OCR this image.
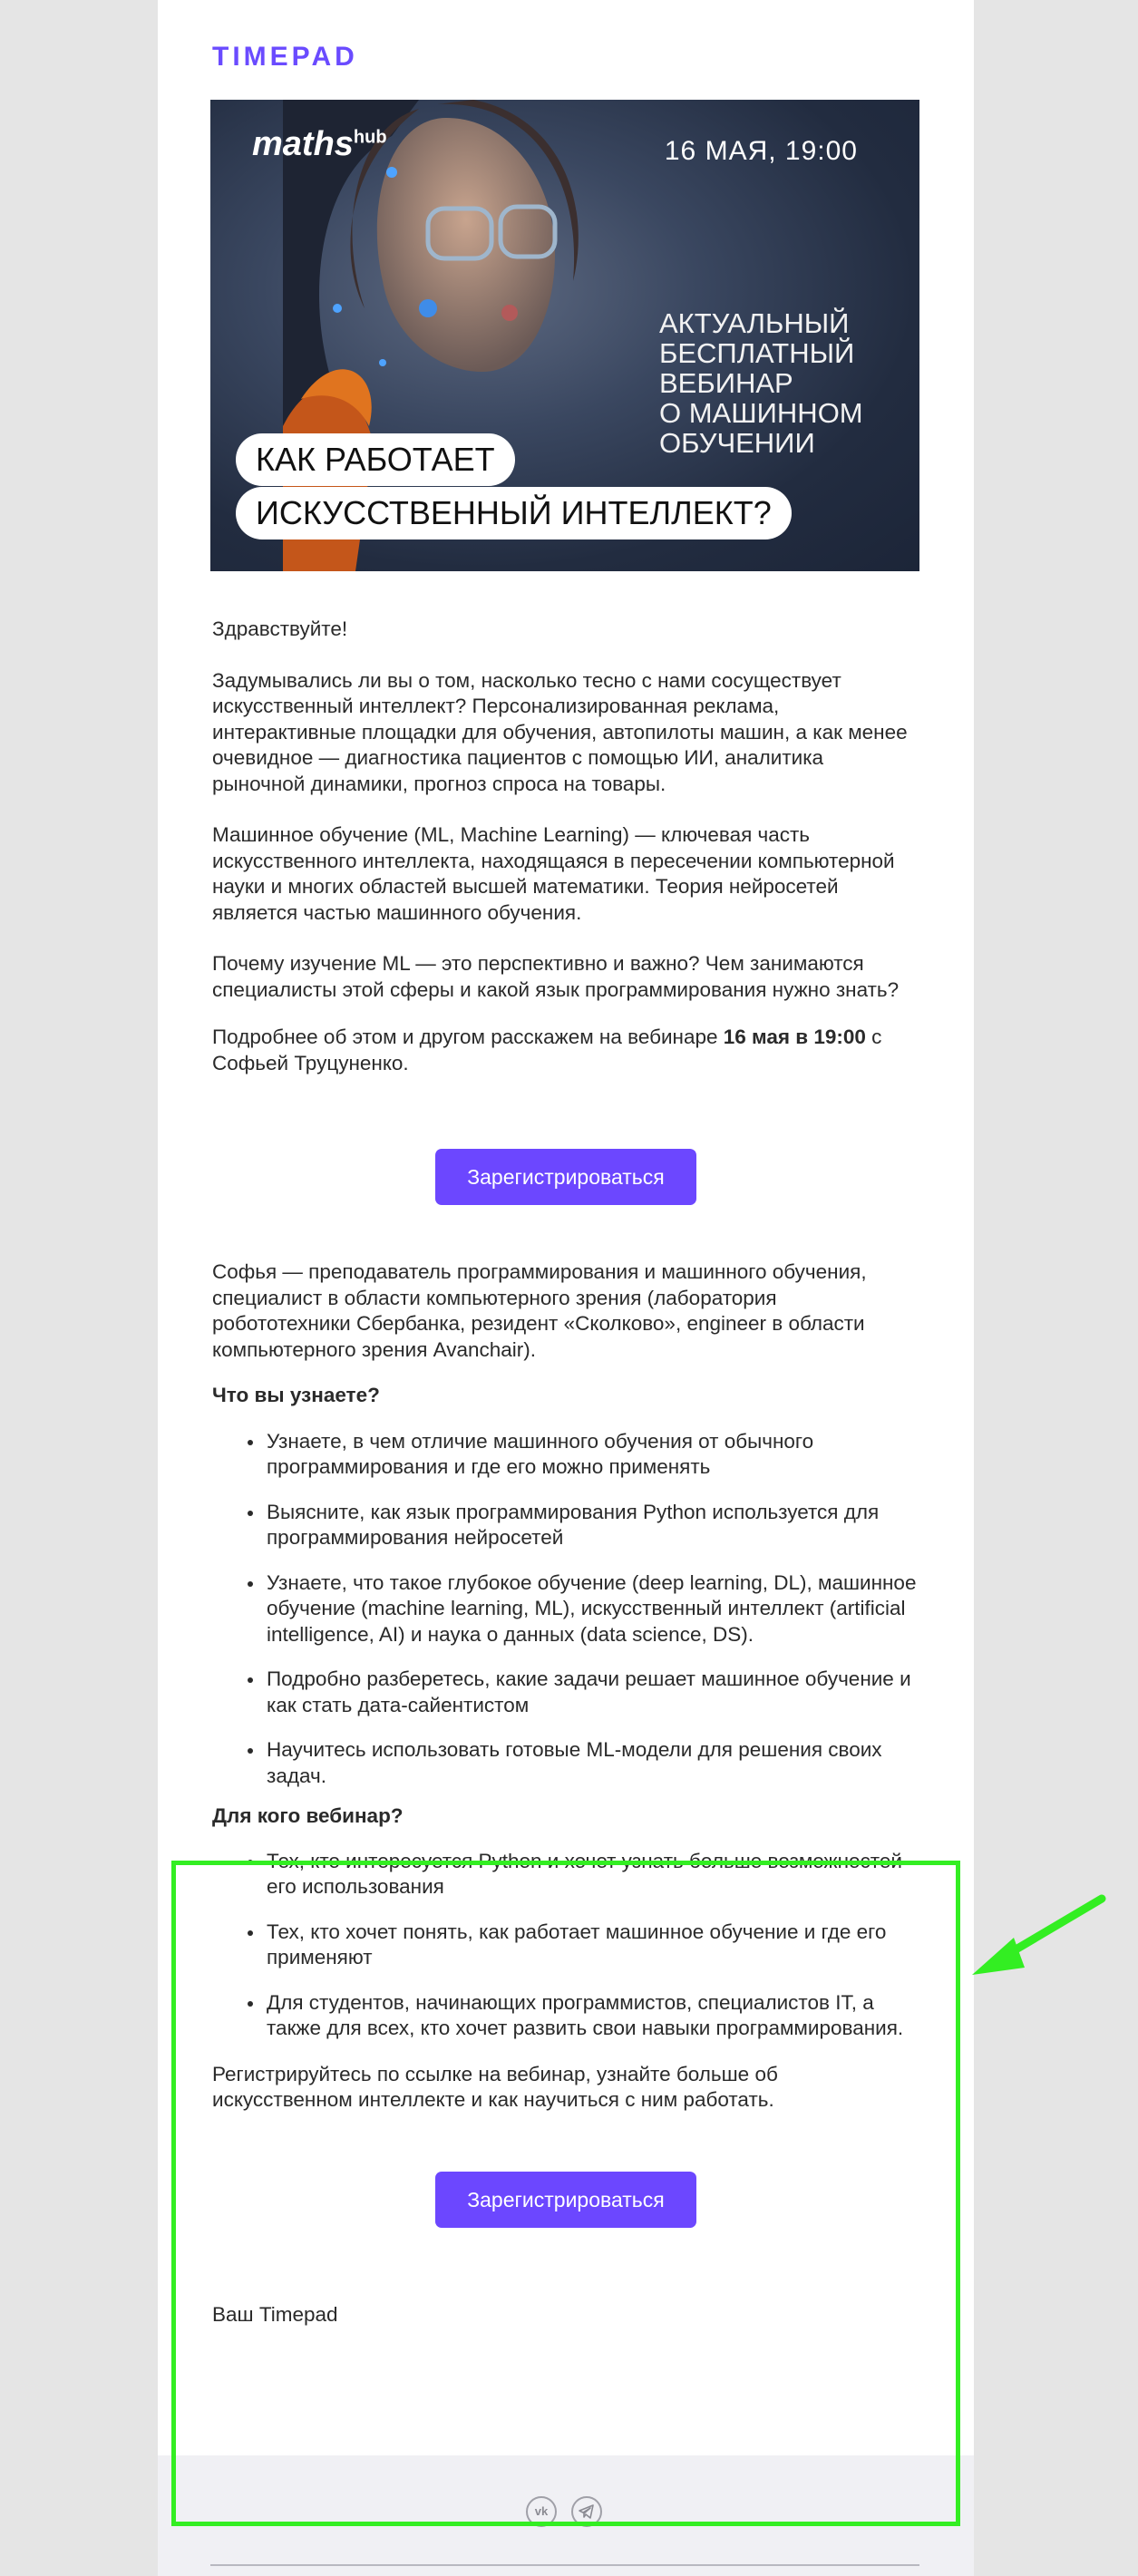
TIMEPAD
maths$^{hub}$	16 МАЯ, 19:00
АКТУАЛЬНЫЙ
БЕСПЛАТНЫЙ
ВЕБИНАР
О МАШИННОМ
ОБУЧЕНИИ
КАК РАБОТАЕТ
ИСКУССТВЕННЫЙ ИНТЕЛЛЕКТ?

Здравствуйте!

Задумывались ли вы о том, насколько тесно с нами сосуществует искусственный интеллект? Персонализированная реклама, интерактивные площадки для обучения, автопилоты машин, а как менее очевидное — диагностика пациентов с помощью ИИ, аналитика рыночной динамики, прогноз спроса на товары.

Машинное обучение (ML, Machine Learning) — ключевая часть искусственного интеллекта, находящаяся в пересечении компьютерной науки и многих областей высшей математики. Теория нейросетей является частью машинного обучения.

Почему изучение ML — это перспективно и важно? Чем занимаются специалисты этой сферы и какой язык программирования нужно знать?

Подробнее об этом и другом расскажем на вебинаре 16 мая в 19:00 с Софьей Труцуненко.

Зарегистрироваться

Софья — преподаватель программирования и машинного обучения, специалист в области компьютерного зрения (лаборатория робототехники Сбербанка, резидент «Сколково», engineer в области компьютерного зрения Avanchair).

Что вы узнаете?

Узнаете, в чем отличие машинного обучения от обычного программирования и где его можно применять
Выясните, как язык программирования Python используется для программирования нейросетей
Узнаете, что такое глубокое обучение (deep learning, DL), машинное обучение (machine learning, ML), искусственный интеллект (artificial intelligence, AI) и наука о данных (data science, DS).
Подробно разберетесь, какие задачи решает машинное обучение и как стать дата-сайентистом
Научитесь использовать готовые ML-модели для решения своих задач.

Для кого вебинар?

Тех, кто интересуется Python и хочет узнать больше возможностей его использования
Тех, кто хочет понять, как работает машинное обучение и где его применяют
Для студентов, начинающих программистов, специалистов IT, а также для всех, кто хочет развить свои навыки программирования.

Регистрируйтесь по ссылке на вебинар, узнайте больше об искусственном интеллекте и как научиться с ним работать.

Зарегистрироваться

Ваш Timepad

vk
